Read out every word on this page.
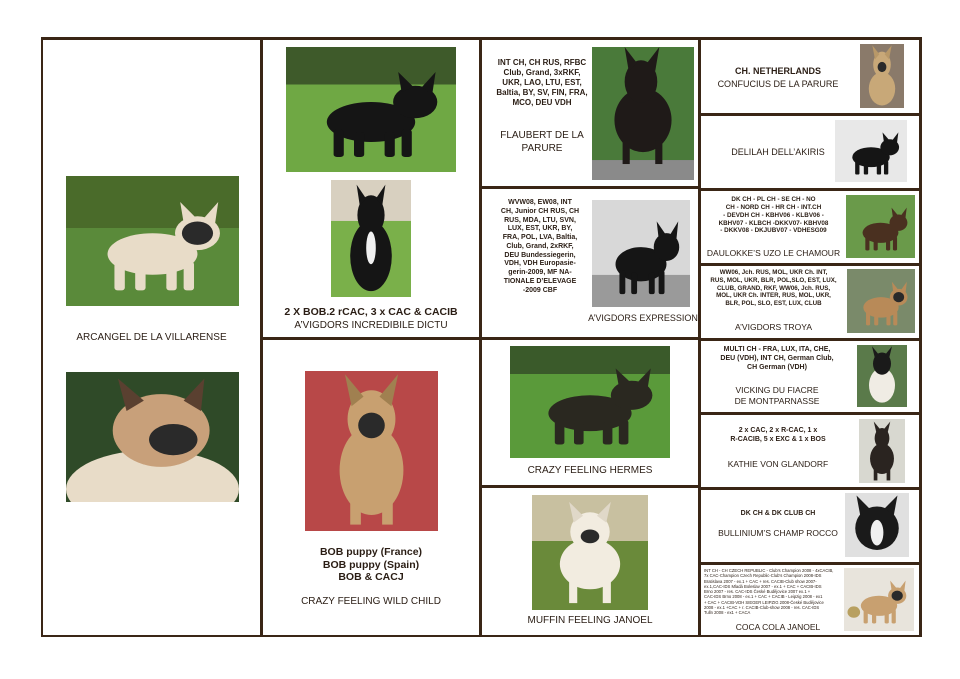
ARCANGEL DE LA VILLARENSE
2 X BOB.2 rCAC, 3 x CAC & CACIB
A’VIGDORS INCREDIBILE DICTU
BOB puppy (France)
BOB puppy (Spain)
BOB & CACJ
CRAZY FEELING WILD CHILD
INT CH, CH RUS, RFBC
Club, Grand, 3xRKF,
UKR, LAO, LTU, EST,
Baltia, BY, SV, FIN, FRA,
MCO, DEU VDH
FLAUBERT DE LA
PARURE
WVW08, EW08, INT
CH, Junior CH RUS, CH
RUS, MDA, LTU, SVN,
LUX, EST, UKR, BY,
FRA, POL, LVA, Baltia,
Club, Grand, 2xRKF,
DEU Bundessiegerin,
VDH, VDH Europasie-
gerin-2009, MF NA-
TIONALE D’ELEVAGE
-2009 CBF
A’VIGDORS EXPRESSION
CRAZY FEELING HERMES
MUFFIN FEELING JANOEL
CH. NETHERLANDS
CONFUCIUS DE LA PARURE
DELILAH DELL’AKIRIS
DK CH - PL CH - SE CH - NO
CH - NORD CH - HR CH - INT.CH
- DEVDH CH - KBHV06 - KLBV06 -
KBHV07 - KLBCH -DKKV07- KBHV08
- DKKV08 - DKJUBV07 - VDHESG09
DAULOKKE’S UZO LE CHAMOUR
WW06, Jch. RUS, MOL, UKR Ch. INT,
RUS, MOL, UKR, BLR, POL,SLO, EST, LUX,
CLUB, GRAND, RKF, WW06, Jch. RUS,
MOL, UKR Ch. INTER, RUS, MOL, UKR,
BLR, POL, SLO, EST, LUX, CLUB
A’VIGDORS TROYA
MULTI CH - FRA, LUX, ITA, CHE,
DEU (VDH), INT CH, German Club,
CH German (VDH)
VICKING DU FIACRE
DE MONTPARNASSE
2 x CAC, 2 x R-CAC, 1 x
R-CACIB, 5 x EXC & 1 x BOS
KATHIE VON GLANDORF
DK CH & DK CLUB CH
BULLINIUM’S CHAMP ROCCO
INT CH - CH CZECH REPUBLIC - Club’s Champion 2008 - 4xCACIB,
7x CAC-Champion Czech Republic-Club’s Champion 2008-IDS
Bratislava 2007 - ex.1 + CAC + res. CACIB-Club show 2007-
ex.1,CAC-IDS Mladá Boleslav 2007 - ex.1 + CAC + CACIB-IDS
Brno 2007 - res. CAC-IDS České Budějovice 2007 ex.1 +
CAC-IDS Brno 2008 - ex.1 + CAC + CACIB - Leipzig 2008 - ex1
+ CAC + CACIB-VDH SIEGER LEIPZIG 2008-České Budějovice
2008 - ex.1 +CAC + r. CACIB-Club-show 2008 - res. CAC-IDS
Tulln 2008 - ex1 + CACA
COCA COLA JANOEL
